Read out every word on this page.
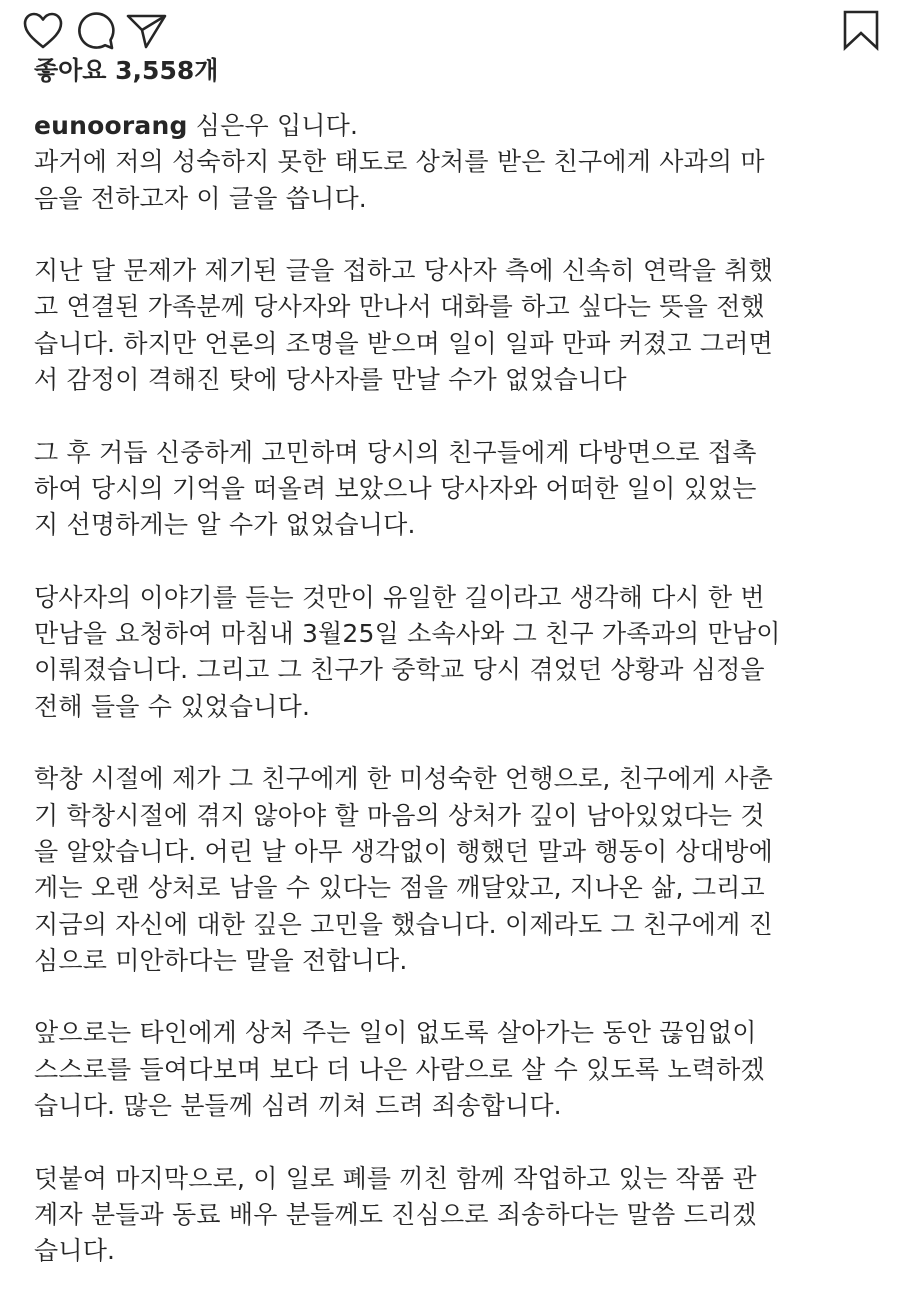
좋아요 3,558개

eunoorang 심은우 입니다.
과거에 저의 성숙하지 못한 태도로 상처를 받은 친구에게 사과의 마
음을 전하고자 이 글을 씁니다.

지난 달 문제가 제기된 글을 접하고 당사자 측에 신속히 연락을 취했
고 연결된 가족분께 당사자와 만나서 대화를 하고 싶다는 뜻을 전했
습니다. 하지만 언론의 조명을 받으며 일이 일파 만파 커졌고 그러면
서 감정이 격해진 탓에 당사자를 만날 수가 없었습니다

그 후 거듭 신중하게 고민하며 당시의 친구들에게 다방면으로 접촉
하여 당시의 기억을 떠올려 보았으나 당사자와 어떠한 일이 있었는
지 선명하게는 알 수가 없었습니다.

당사자의 이야기를 듣는 것만이 유일한 길이라고 생각해 다시 한 번
만남을 요청하여 마침내 3월25일 소속사와 그 친구 가족과의 만남이
이뤄졌습니다. 그리고 그 친구가 중학교 당시 겪었던 상황과 심정을
전해 들을 수 있었습니다.

학창 시절에 제가 그 친구에게 한 미성숙한 언행으로, 친구에게 사춘
기 학창시절에 겪지 않아야 할 마음의 상처가 깊이 남아있었다는 것
을 알았습니다. 어린 날 아무 생각없이 행했던 말과 행동이 상대방에
게는 오랜 상처로 남을 수 있다는 점을 깨달았고, 지나온 삶, 그리고
지금의 자신에 대한 깊은 고민을 했습니다. 이제라도 그 친구에게 진
심으로 미안하다는 말을 전합니다.

앞으로는 타인에게 상처 주는 일이 없도록 살아가는 동안 끊임없이
스스로를 들여다보며 보다 더 나은 사람으로 살 수 있도록 노력하겠
습니다. 많은 분들께 심려 끼쳐 드려 죄송합니다.

덧붙여 마지막으로, 이 일로 폐를 끼친 함께 작업하고 있는 작품 관
계자 분들과 동료 배우 분들께도 진심으로 죄송하다는 말씀 드리겠
습니다.
